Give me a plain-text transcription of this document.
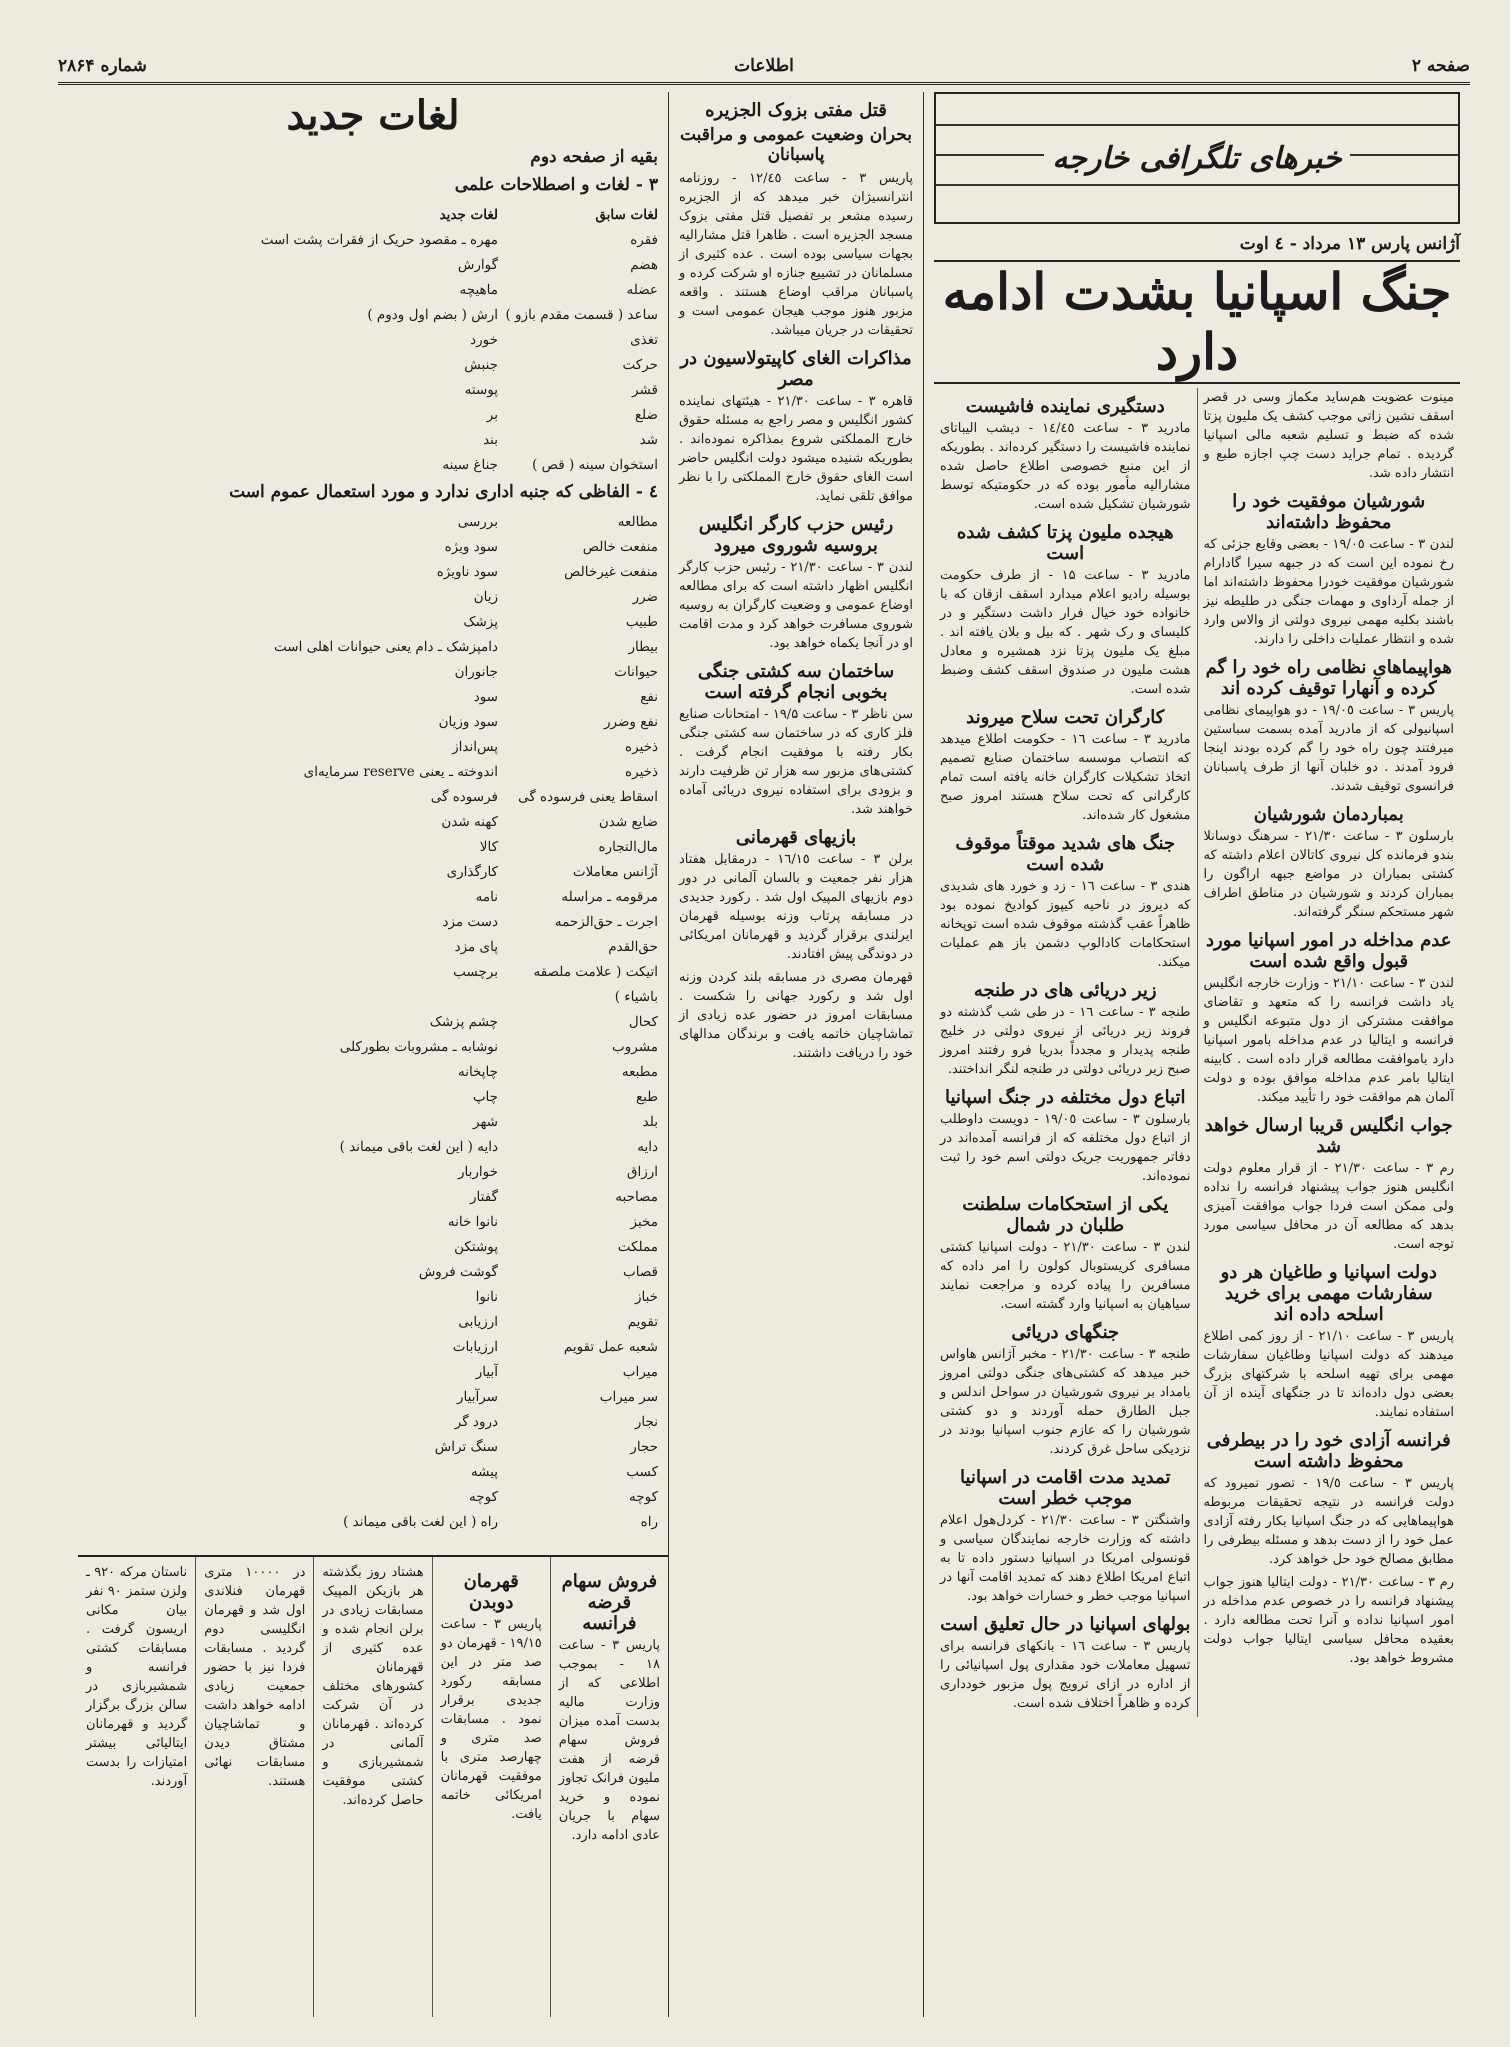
صفحه ۲
اطلاعات
شماره ۲۸۶۴
خبرهای تلگرافی خارجه
آژانس پارس ۱۳ مرداد - ٤ اوت
جنگ اسپانیا بشدت ادامه دارد

مینوت عضویت هم‌ساید مکماز وسی در قصر اسقف نشین زاتی موجب کشف یک ملیون پزتا شده که ضبط و تسلیم شعبه مالی اسپانیا گردیده . تمام جراید دست چپ اجازه طبع و انتشار داده شد.

شورشیان موفقیت خود را محفوظ داشته‌اند

لندن ۳ - ساعت ۱۹/۰٥ - بعضی وقایع جزئی که رخ نموده این است که در جبهه سیرا گادارام شورشیان موفقیت خودرا محفوظ داشته‌اند اما از جمله آرداوی و مهمات جنگی در طلیطه نیز باشند بکلیه مهمی نیروی دولتی از والاس وارد شده و انتظار عملیات داخلی را دارند.

هواپیماهای نظامی راه خود را گم کرده و آنهارا توقیف کرده اند

پاریس ۳ - ساعت ۱۹/۰٥ - دو هواپیمای نظامی اسپانیولی که از مادرید آمده بسمت سباستین میرفتند چون راه خود را گم کرده بودند اینجا فرود آمدند . دو خلبان آنها از طرف پاسبانان فرانسوی توقیف شدند.

بمباردمان شورشیان

بارسلون ۳ - ساعت ۲۱/۳۰ - سرهنگ دوسانلا بندو فرمانده کل نیروی کاتالان اعلام داشته که کشتی بمباران در مواضع جبهه اراگون را بمباران کردند و شورشیان در مناطق اطراف شهر مستحکم سنگر گرفته‌اند.

عدم مداخله در امور اسپانیا مورد قبول واقع شده است

لندن ۳ - ساعت ۲۱/۱۰ - وزارت خارجه انگلیس یاد داشت فرانسه را که متعهد و تقاضای موافقت مشترکی از دول متبوعه انگلیس و فرانسه و ایتالیا در عدم مداخله بامور اسپانیا دارد باموافقت مطالعه قرار داده است . کابینه ایتالیا بامر عدم مداخله موافق بوده و دولت آلمان هم موافقت خود را تأیید میکند.

جواب انگلیس قریبا ارسال خواهد شد

رم ۳ - ساعت ۲۱/۳۰ - از قرار معلوم دولت انگلیس هنوز جواب پیشنهاد فرانسه را نداده ولی ممکن است فردا جواب موافقت آمیزی بدهد که مطالعه آن در محافل سیاسی مورد توجه است.

دولت اسپانیا و طاغیان هر دو سفارشات مهمی برای خرید اسلحه داده اند

پاریس ۳ - ساعت ۲۱/۱۰ - از روز کمی اطلاع میدهند که دولت اسپانیا وطاغیان سفارشات مهمی برای تهیه اسلحه با شرکتهای بزرگ بعضی دول داده‌اند تا در جنگهای آینده از آن استفاده نمایند.

فرانسه آزادی خود را در بیطرفی محفوظ داشته است

پاریس ۳ - ساعت ۱۹/٥ - تصور نمیرود که دولت فرانسه در نتیجه تحقیقات مربوطه هواپیماهایی که در جنگ اسپانیا بکار رفته آزادی عمل خود را از دست بدهد و مسئله بیطرفی را مطابق مصالح خود حل خواهد کرد.

رم ۳ - ساعت ۲۱/۳۰ - دولت ایتالیا هنوز جواب پیشنهاد فرانسه را در خصوص عدم مداخله در امور اسپانیا نداده و آنرا تحت مطالعه دارد . بعقیده محافل سیاسی ایتالیا جواب دولت مشروط خواهد بود.

دستگیری نماینده فاشیست

مادرید ۳ - ساعت ۱٤/٤٥ - دیشب الیباتای نماینده فاشیست را دستگیر کرده‌اند . بطوریکه از این منبع خصوصی اطلاع حاصل شده مشارالیه مأمور بوده که در حکومتیکه توسط شورشیان تشکیل شده است.

هیجده ملیون پزتا کشف شده است

مادرید ۳ - ساعت ۱۵ - از طرف حکومت بوسیله رادیو اعلام میدارد اسقف ازقان که با خانواده خود خیال فرار داشت دستگیر و در کلیسای و رک شهر . که بیل و بلان یافته اند . مبلغ یک ملیون پزتا نزد همشیره و معادل هشت ملیون در صندوق اسقف کشف وضبط شده است.

کارگران تحت سلاح میروند

مادرید ۳ - ساعت ۱٦ - حکومت اطلاع میدهد که انتصاب موسسه ساختمان صنایع تصمیم اتخاذ تشکیلات کارگران خانه یافته است تمام کارگرانی که تحت سلاح هستند امروز صبح مشغول کار شده‌اند.

جنگ های شدید موقتاً موقوف شده است

هندی ۳ - ساعت ۱٦ - زد و خورد های شدیدی که دیروز در ناحیه کیپوز کوادیخ نموده بود ظاهراً عقب گذشته موقوف شده است توپخانه استحکامات کادالوپ دشمن باز هم عملیات میکند.

زیر دریائی های در طنجه

طنجه ۳ - ساعت ۱٦ - در طی شب گذشته دو فروند زیر دریائی از نیروی دولتی در خلیج طنجه پدیدار و مجدداً بدریا فرو رفتند امروز صبح زیر دریائی دولتی در طنجه لنگر انداختند.

اتباع دول مختلفه در جنگ اسپانیا

بارسلون ۳ - ساعت ۱۹/۰٥ - دویست داوطلب از اتباع دول مختلفه که از فرانسه آمده‌اند در دفاتر جمهوریت جریک دولتی اسم خود را ثبت نموده‌اند.

یکی از استحکامات سلطنت طلبان در شمال

لندن ۳ - ساعت ۲۱/۳۰ - دولت اسپانیا کشتی مسافری کریستوبال کولون را امر داده که مسافرین را پیاده کرده و مراجعت نمایند سیاهیان به اسپانیا وارد گشته است.

جنگهای دریائی

طنجه ۳ - ساعت ۲۱/۳۰ - مخبر آژانس هاواس خبر میدهد که کشتی‌های جنگی دولتی امروز بامداد بر نیروی شورشیان در سواحل اندلس و جبل الطارق حمله آوردند و دو کشتی شورشیان را که عازم جنوب اسپانیا بودند در نزدیکی ساحل غرق کردند.

تمدید مدت اقامت در اسپانیا موجب خطر است

واشنگتن ۳ - ساعت ۲۱/۳۰ - کردل‌هول اعلام داشته که وزارت خارجه نمایندگان سیاسی و قونسولی امریکا در اسپانیا دستور داده تا به اتباع امریکا اطلاع دهند که تمدید اقامت آنها در اسپانیا موجب خطر و خسارات خواهد بود.

بولهای اسپانیا در حال تعلیق است

پاریس ۳ - ساعت ۱٦ - بانکهای فرانسه برای تسهیل معاملات خود مقداری پول اسپانیائی را از اداره در ازای ترویج پول مزبور خودداری کرده و ظاهراً اختلاف شده است.

قتل مفتی بزوک الجزیره
بحران وضعیت عمومی و مراقبت پاسبانان

پاریس ۳ - ساعت ۱۲/٤٥ - روزنامه انترانسیژان خبر میدهد که از الجزیره رسیده مشعر بر تفصیل قتل مفتی بزوک مسجد الجزیره است . ظاهرا قتل مشارالیه بجهات سیاسی بوده است . عده کثیری از مسلمانان در تشییع جنازه او شرکت کرده و پاسبانان مراقب اوضاع هستند . واقعه مزبور هنوز موجب هیجان عمومی است و تحقیقات در جریان میباشد.

مذاکرات الغای کاپیتولاسیون در مصر

قاهره ۳ - ساعت ۲۱/۳۰ - هیئتهای نماینده کشور انگلیس و مصر راجع به مسئله حقوق خارج المملکتی شروع بمذاکره نموده‌اند . بطوریکه شنیده میشود دولت انگلیس حاضر است الغای حقوق خارج المملکتی را با نظر موافق تلقی نماید.

رئیس حزب کارگر انگلیس بروسیه شوروی میرود

لندن ۳ - ساعت ۲۱/۳۰ - رئیس حزب کارگر انگلیس اظهار داشته است که برای مطالعه اوضاع عمومی و وضعیت کارگران به روسیه شوروی مسافرت خواهد کرد و مدت اقامت او در آنجا یکماه خواهد بود.

ساختمان سه کشتی جنگی بخوبی انجام گرفته است

سن ناظر ۳ - ساعت ۱۹/۵ - امتحانات صنایع فلز کاری که در ساختمان سه کشتی جنگی بکار رفته با موفقیت انجام گرفت . کشتی‌های مزبور سه هزار تن ظرفیت دارند و بزودی برای استفاده نیروی دریائی آماده خواهند شد.

بازیهای قهرمانی

برلن ۳ - ساعت ۱٦/۱٥ - درمقابل هفتاد هزار نفر جمعیت و بالسان آلمانی در دور دوم بازیهای المپیک اول شد . رکورد جدیدی در مسابقه پرتاب وزنه بوسیله قهرمان ایرلندی برقرار گردید و قهرمانان امریکائی در دوندگی پیش افتادند.

قهرمان مصری در مسابقه بلند کردن وزنه اول شد و رکورد جهانی را شکست . مسابقات امروز در حضور عده زیادی از تماشاچیان خاتمه یافت و برندگان مدالهای خود را دریافت داشتند.

لغات جدید
بقیه از صفحه دوم
۳ - لغات و اصطلاحات علمی
لغات سابق
لغات جدید
فقره
مهره ـ مقصود حریک از فقرات پشت است
هضم
گوارش
عضله
ماهیچه
ساعد ( قسمت مقدم بازو )
ارش ( بضم اول ودوم )
تغذی
خورد
حرکت
جنبش
قشر
پوسته
ضلع
بر
شد
بند
استخوان سینه ( قص )
جناغ سینه
٤ - الفاظی که جنبه اداری ندارد و مورد استعمال عموم است
مطالعه
بررسی
منفعت خالص
سود ویژه
منفعت غیرخالص
سود ناویژه
ضرر
زیان
طبیب
پزشک
بیطار
دامپزشک ـ دام یعنی حیوانات اهلی است
حیوانات
جانوران
نفع
سود
نفع وضرر
سود وزیان
ذخیره
پس‌انداز
ذخیره
اندوخته ـ یعنی reserve سرمایه‌ای
اسقاط یعنی فرسوده گی
فرسوده گی
ضایع شدن
کهنه شدن
مال‌التجاره
کالا
آژانس معاملات
کارگذاری
مرقومه ـ مراسله
نامه
اجرت ـ حق‌الزحمه
دست مزد
حق‌القدم
پای مزد
اتیکت ( علامت ملصقه باشیاء )
برچسب
کحال
چشم پزشک
مشروب
نوشابه ـ مشروبات بطورکلی
مطبعه
چاپخانه
طبع
چاپ
بلد
شهر
دایه
دایه ( این لغت باقی میماند )
ارزاق
خواربار
مصاحبه
گفتار
مخبز
نانوا خانه
مملکت
پوشتکن
قصاب
گوشت فروش
خباز
نانوا
تقویم
ارزیابی
شعبه عمل تقویم
ارزیابات
میراب
آبیار
سر میراب
سرآبیار
نجار
درود گر
حجار
سنگ تراش
کسب
پیشه
کوچه
کوچه
راه
راه ( این لغت باقی میماند )
فروش سهام قرضه فرانسه

پاریس ۳ - ساعت ۱۸ - بموجب اطلاعی که از وزارت مالیه بدست آمده میزان فروش سهام قرضه از هفت ملیون فرانک تجاوز نموده و خرید سهام با جریان عادی ادامه دارد.

قهرمان دوبدن

پاریس ۳ - ساعت ۱۹/۱٥ - قهرمان دو صد متر در این مسابقه رکورد جدیدی برقرار نمود . مسابقات صد متری و چهارصد متری با موفقیت قهرمانان امریکائی خاتمه یافت.

هشتاد روز بگذشته هر بازیکن المپیک مسابقات زیادی در برلن انجام شده و عده کثیری از قهرمانان کشورهای مختلف در آن شرکت کرده‌اند . قهرمانان آلمانی در شمشیربازی و کشتی موفقیت حاصل کرده‌اند.

در ۱۰۰۰۰ متری قهرمان فنلاندی اول شد و قهرمان انگلیسی دوم گردید . مسابقات فردا نیز با حضور جمعیت زیادی ادامه خواهد داشت و تماشاچیان مشتاق دیدن مسابقات نهائی هستند.

ناستان مرکه ۹۲۰ ـ ولزن ستمز ۹۰ نفر بیان مکانی اریسون گرفت . مسابقات کشتی فرانسه و شمشیربازی در سالن بزرگ برگزار گردید و قهرمانان ایتالیائی بیشتر امتیازات را بدست آوردند.
